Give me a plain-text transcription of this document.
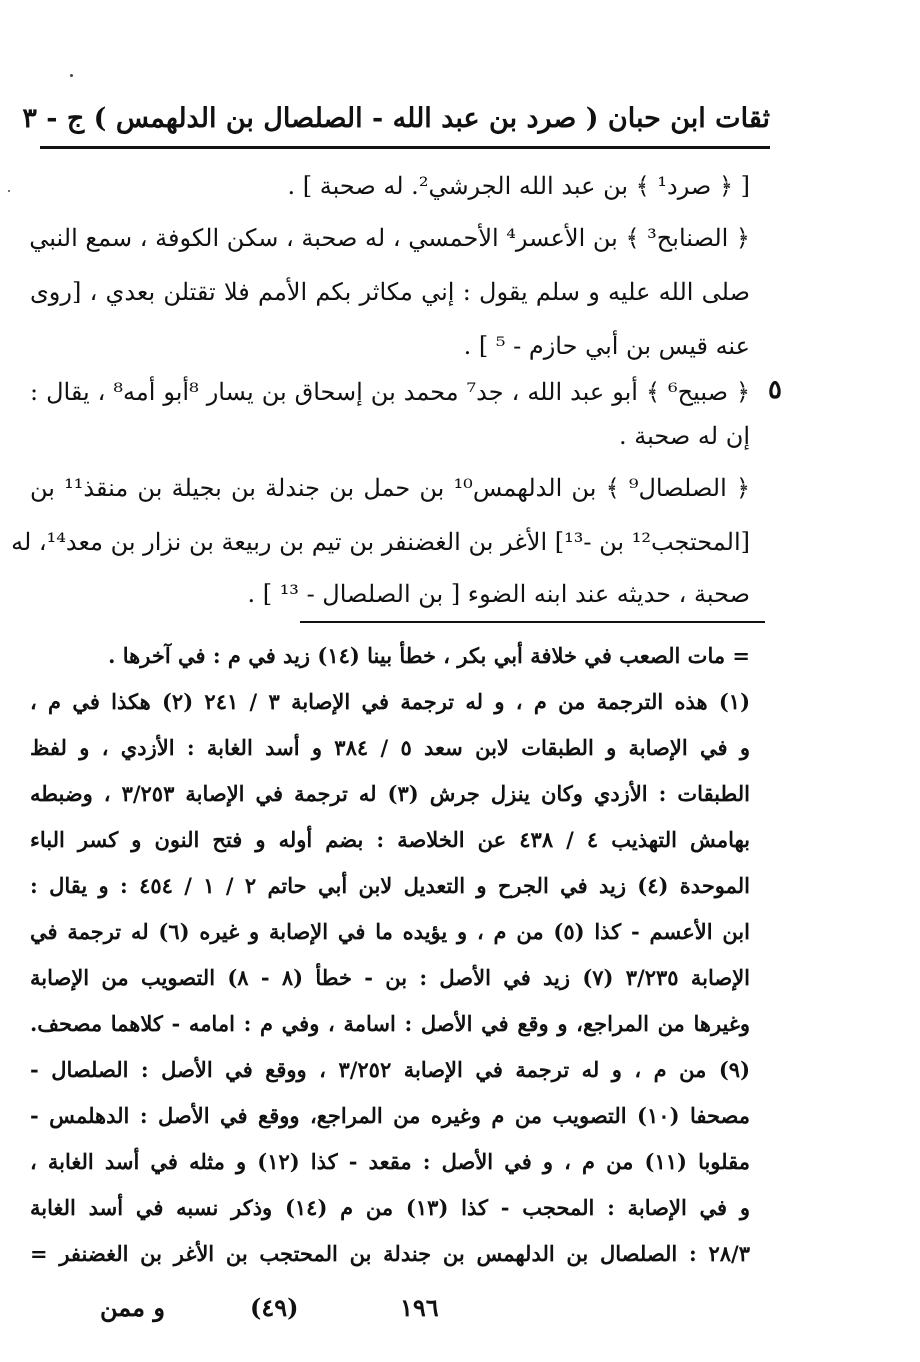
ثقات ابن حبان ( صرد بن عبد الله - الصلصال بن الدلهمس ) ج - ٣
[ ﴿ صرد¹ ﴾ بن عبد الله الجرشي². له صحبة ] .
﴿ الصنابح³ ﴾ بن الأعسر⁴ الأحمسي ، له صحبة ، سكن الكوفة ، سمع النبي
صلى الله عليه و سلم يقول : إني مكاثر بكم الأمم فلا تقتلن بعدي ، [روى
عنه قيس بن أبي حازم - ⁵ ] .
٥
﴿ صبيح⁶ ﴾ أبو عبد الله ، جد⁷ محمد بن إسحاق بن يسار ⁸أبو أمه⁸ ، يقال :
إن له صحبة .
﴿ الصلصال⁹ ﴾ بن الدلهمس¹⁰ بن حمل بن جندلة بن بجيلة بن منقذ¹¹ بن
[المحتجب¹² بن -¹³] الأغر بن الغضنفر بن تيم بن ربيعة بن نزار بن معد¹⁴، له
صحبة ، حديثه عند ابنه الضوء [ بن الصلصال - ¹³ ] .
= مات الصعب في خلافة أبي بكر ، خطأ بينا (١٤) زيد في م : في آخرها .
(١) هذه الترجمة من م ، و له ترجمة في الإصابة ٣ / ٢٤١ (٢) هكذا في م ،
و في الإصابة و الطبقات لابن سعد ٥ / ٣٨٤ و أسد الغابة : الأزدي ، و لفظ
الطبقات : الأزدي وكان ينزل جرش (٣) له ترجمة في الإصابة ٣/٢٥٣ ، وضبطه
بهامش التهذيب ٤ / ٤٣٨ عن الخلاصة : بضم أوله و فتح النون و كسر الباء
الموحدة (٤) زيد في الجرح و التعديل لابن أبي حاتم ٢ / ١ / ٤٥٤ : و يقال :
ابن الأعسم - كذا (٥) من م ، و يؤيده ما في الإصابة و غيره (٦) له ترجمة في
الإصابة ٣/٢٣٥ (٧) زيد في الأصل : بن - خطأ (٨ - ٨) التصويب من الإصابة
وغيرها من المراجع، و وقع في الأصل : اسامة ، وفي م : امامه - كلاهما مصحف.
(٩) من م ، و له ترجمة في الإصابة ٣/٢٥٢ ، ووقع في الأصل : الصلصال -
مصحفا (١٠) التصويب من م وغيره من المراجع، ووقع في الأصل : الدهلمس -
مقلوبا (١١) من م ، و في الأصل : مقعد - كذا (١٢) و مثله في أسد الغابة ،
و في الإصابة : المحجب - كذا (١٣) من م (١٤) وذكر نسبه في أسد الغابة
٢٨/٣ : الصلصال بن الدلهمس بن جندلة بن المحتجب بن الأغر بن الغضنفر =
و ممن	(٤٩)	١٩٦
